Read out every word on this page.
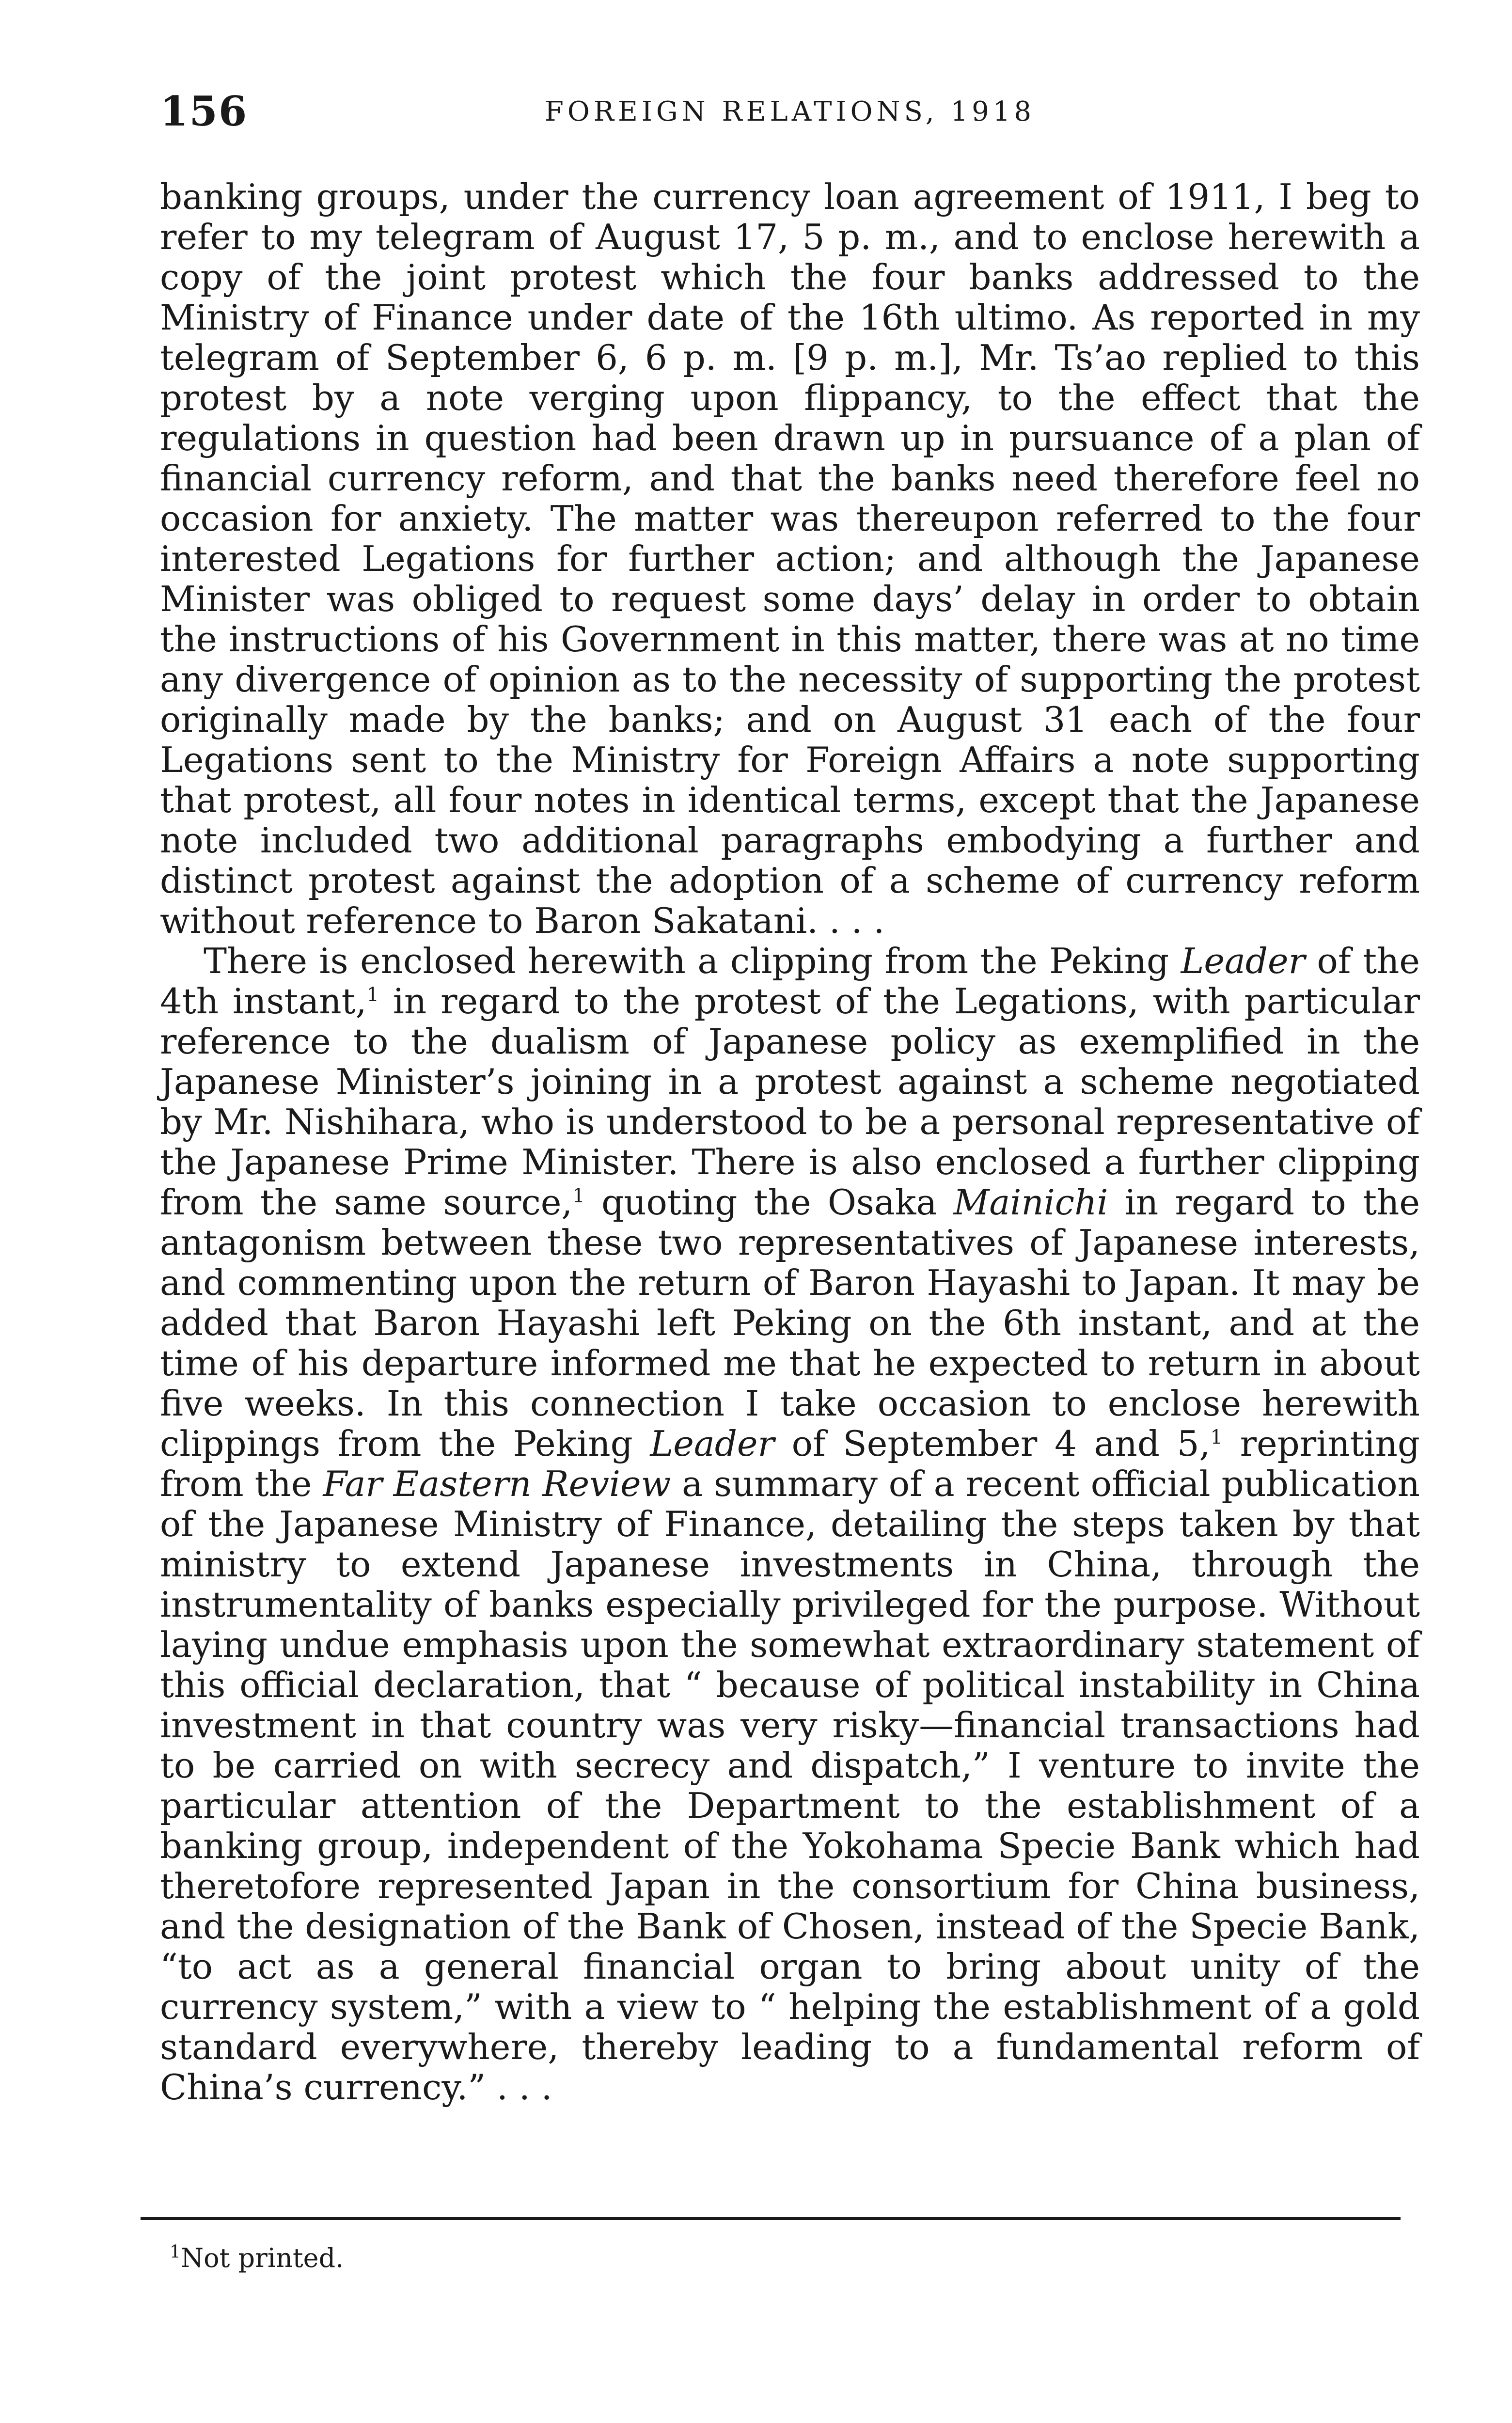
156	FOREIGN RELATIONS, 1918

banking groups, under the currency loan agreement of 1911, I beg to refer to my telegram of August 17, 5 p. m., and to enclose herewith a copy of the joint protest which the four banks addressed to the Ministry of Finance under date of the 16th ultimo. As reported in my telegram of September 6, 6 p. m. [9 p. m.], Mr. Ts’ao replied to this protest by a note verging upon flippancy, to the effect that the regulations in question had been drawn up in pursuance of a plan of financial currency reform, and that the banks need therefore feel no occasion for anxiety. The matter was thereupon referred to the four interested Legations for further action; and although the Japanese Minister was obliged to request some days’ delay in order to obtain the instructions of his Government in this matter, there was at no time any divergence of opinion as to the necessity of supporting the protest originally made by the banks; and on August 31 each of the four Legations sent to the Ministry for Foreign Affairs a note supporting that protest, all four notes in identical terms, except that the Japanese note included two additional paragraphs embodying a further and distinct protest against the adoption of a scheme of currency reform without reference to Baron Sakatani. . . .

There is enclosed herewith a clipping from the Peking Leader of the 4th instant,$^1$ in regard to the protest of the Legations, with particular reference to the dualism of Japanese policy as exemplified in the Japanese Minister’s joining in a protest against a scheme negotiated by Mr. Nishihara, who is understood to be a personal representative of the Japanese Prime Minister. There is also enclosed a further clipping from the same source,$^1$ quoting the Osaka Mainichi in regard to the antagonism between these two representatives of Japanese interests, and commenting upon the return of Baron Hayashi to Japan. It may be added that Baron Hayashi left Peking on the 6th instant, and at the time of his departure informed me that he expected to return in about five weeks. In this connection I take occasion to enclose herewith clippings from the Peking Leader of September 4 and 5,$^1$ reprinting from the Far Eastern Review a summary of a recent official publication of the Japanese Ministry of Finance, detailing the steps taken by that ministry to extend Japanese investments in China, through the instrumentality of banks especially privileged for the purpose. Without laying undue emphasis upon the somewhat extraordinary statement of this official declaration, that “ because of political instability in China investment in that country was very risky—financial transactions had to be carried on with secrecy and dispatch,” I venture to invite the particular attention of the Department to the establishment of a banking group, independent of the Yokohama Specie Bank which had theretofore represented Japan in the consortium for China business, and the designation of the Bank of Chosen, instead of the Specie Bank, “to act as a general financial organ to bring about unity of the currency system,” with a view to “ helping the establishment of a gold standard everywhere, thereby leading to a fundamental reform of China’s currency.” . . .

$^1$Not printed.
